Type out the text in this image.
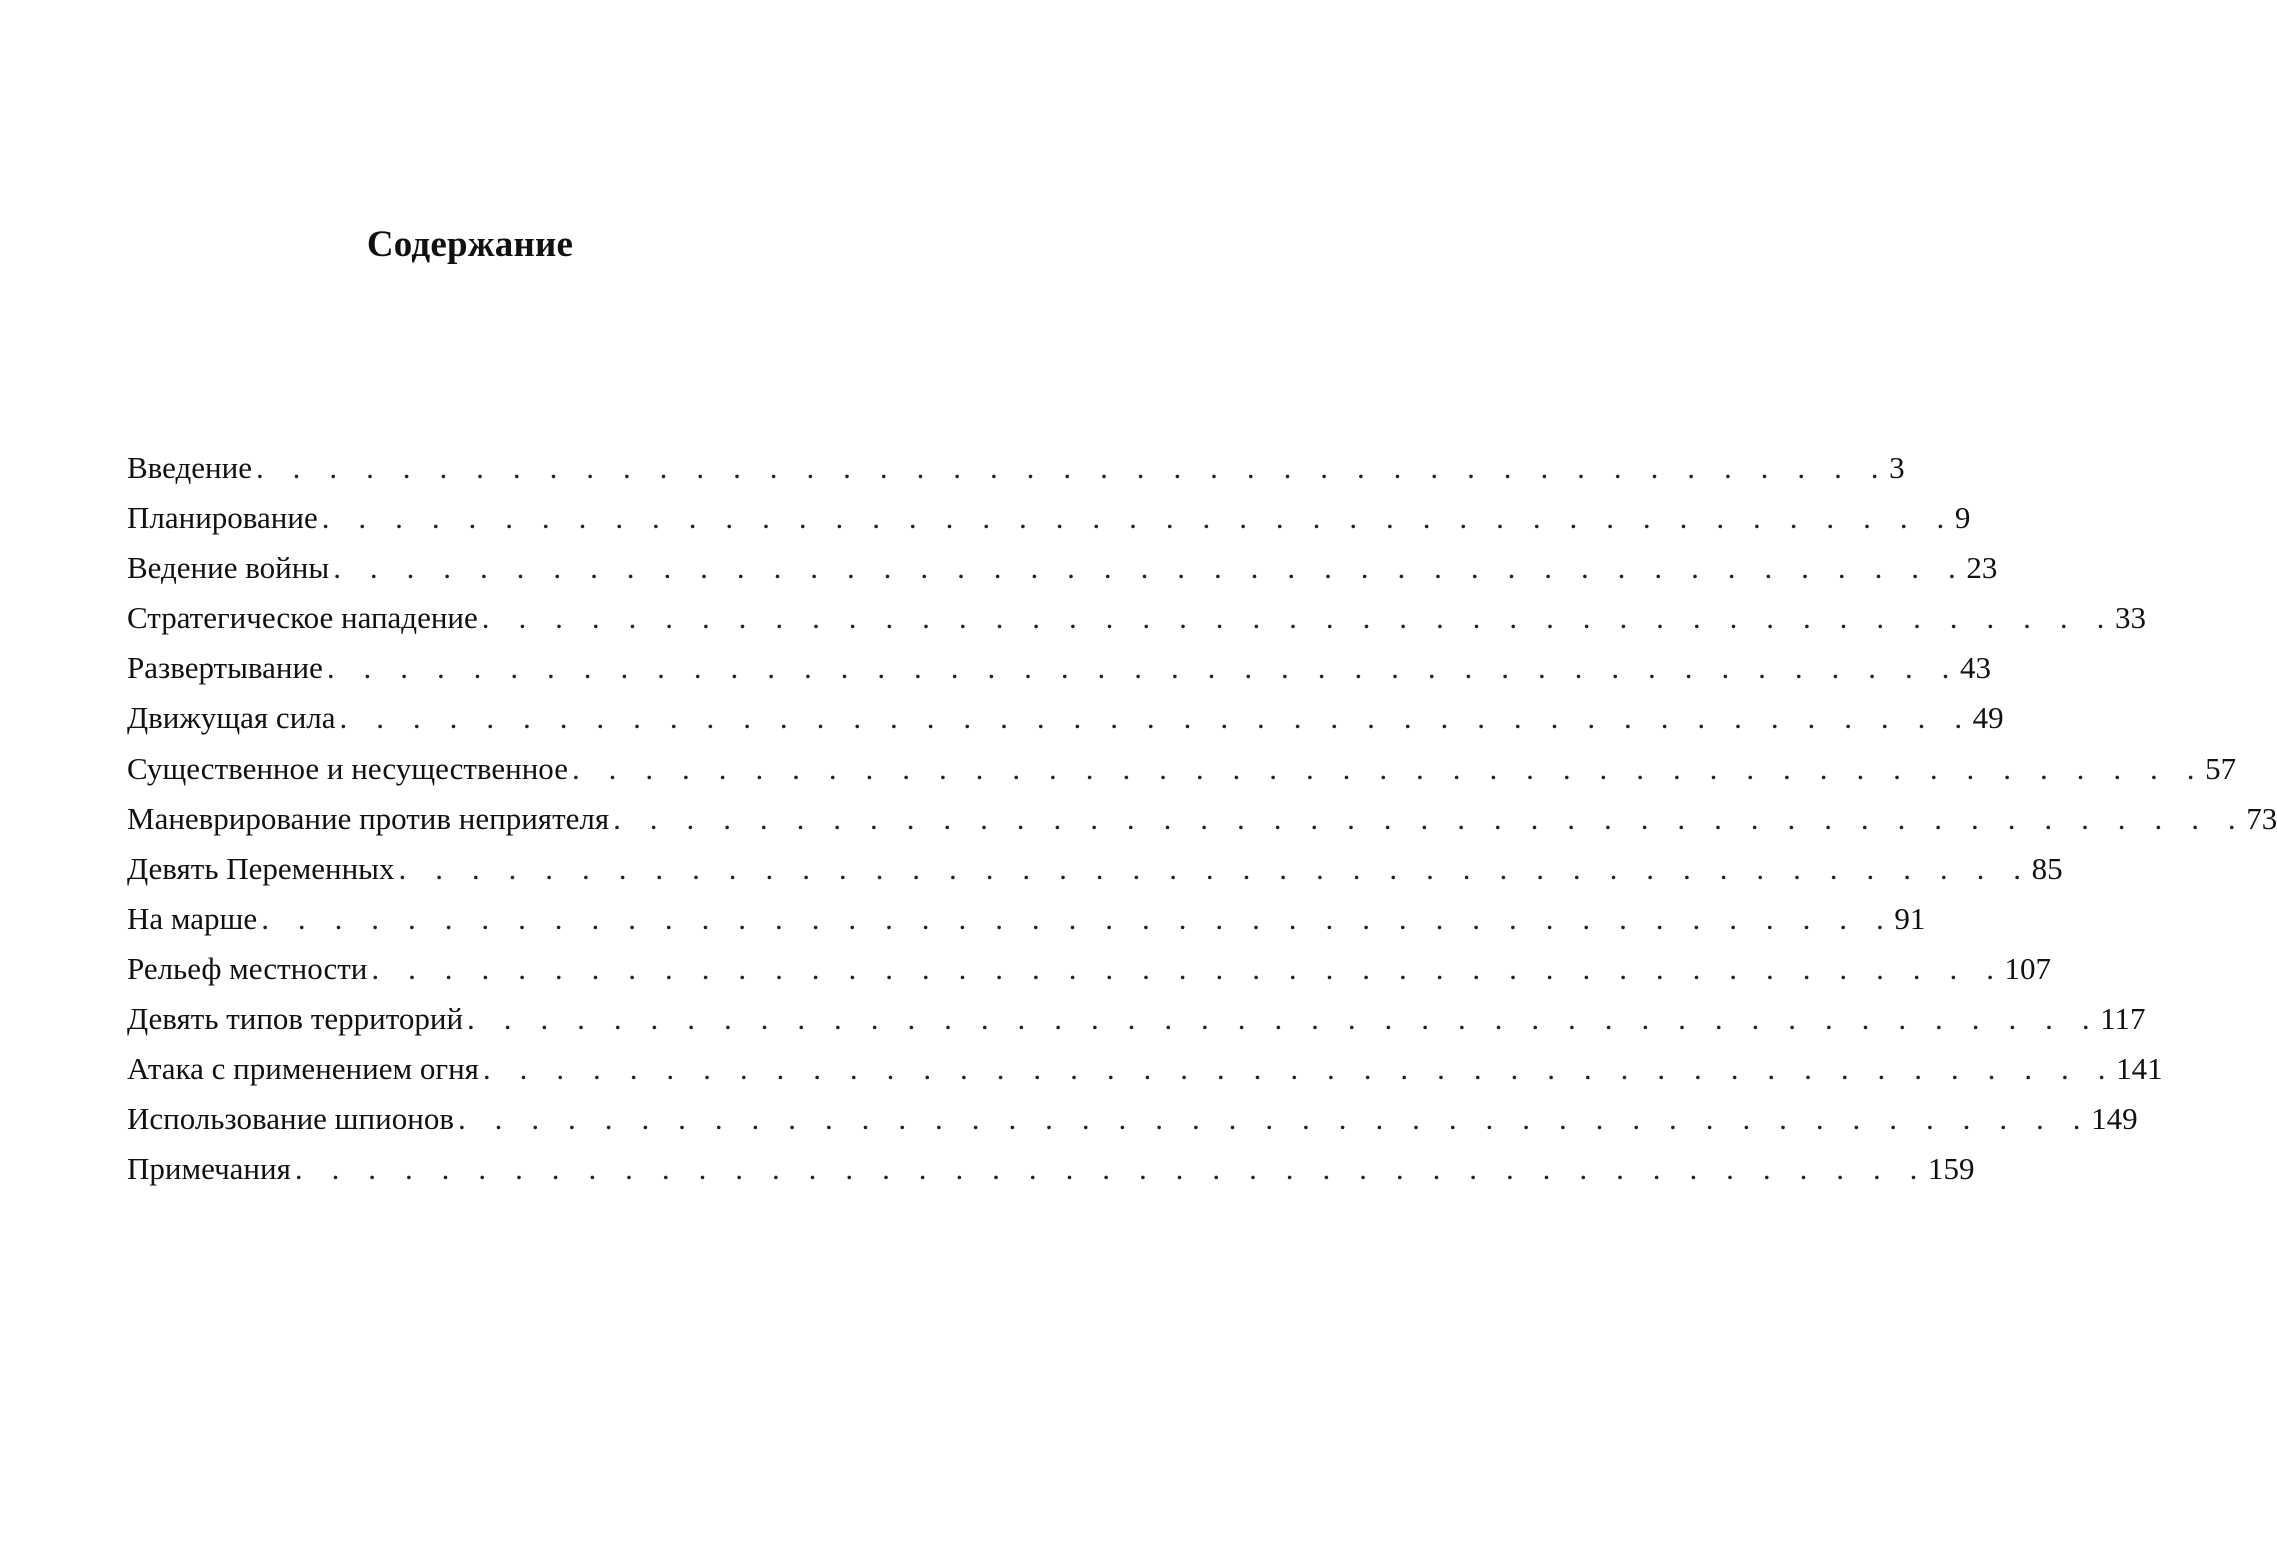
Содержание
Введение . . . . . . . . . . . . . . . . . . . . . . . . . . . . . . . . . . . . . . . . . . . . . 3
Планирование . . . . . . . . . . . . . . . . . . . . . . . . . . . . . . . . . . . . . . . . . . . . . 9
Ведение войны . . . . . . . . . . . . . . . . . . . . . . . . . . . . . . . . . . . . . . . . . . . . . 23
Стратегическое нападение . . . . . . . . . . . . . . . . . . . . . . . . . . . . . . . . . . . . . . . . . . . . . 33
Развертывание . . . . . . . . . . . . . . . . . . . . . . . . . . . . . . . . . . . . . . . . . . . . . 43
Движущая сила . . . . . . . . . . . . . . . . . . . . . . . . . . . . . . . . . . . . . . . . . . . . . 49
Существенное и несущественное . . . . . . . . . . . . . . . . . . . . . . . . . . . . . . . . . . . . . . . . . . . . . 57
Маневрирование против неприятеля . . . . . . . . . . . . . . . . . . . . . . . . . . . . . . . . . . . . . . . . . . . . . 73
Девять Переменных . . . . . . . . . . . . . . . . . . . . . . . . . . . . . . . . . . . . . . . . . . . . . 85
На марше . . . . . . . . . . . . . . . . . . . . . . . . . . . . . . . . . . . . . . . . . . . . . 91
Рельеф местности . . . . . . . . . . . . . . . . . . . . . . . . . . . . . . . . . . . . . . . . . . . . . 107
Девять типов территорий . . . . . . . . . . . . . . . . . . . . . . . . . . . . . . . . . . . . . . . . . . . . . 117
Атака с применением огня . . . . . . . . . . . . . . . . . . . . . . . . . . . . . . . . . . . . . . . . . . . . . 141
Использование шпионов . . . . . . . . . . . . . . . . . . . . . . . . . . . . . . . . . . . . . . . . . . . . . 149
Примечания . . . . . . . . . . . . . . . . . . . . . . . . . . . . . . . . . . . . . . . . . . . . . 159
